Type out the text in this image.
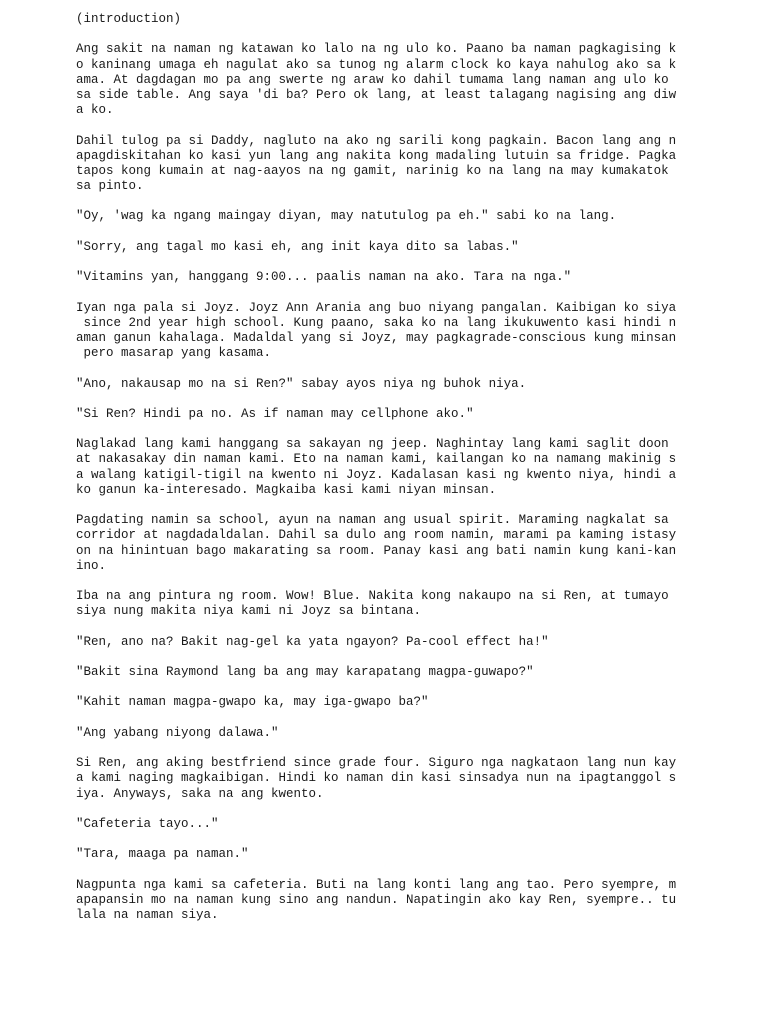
(introduction)
Ang sakit na naman ng katawan ko lalo na ng ulo ko. Paano ba naman pagkagising k
o kaninang umaga eh nagulat ako sa tunog ng alarm clock ko kaya nahulog ako sa k
ama. At dagdagan mo pa ang swerte ng araw ko dahil tumama lang naman ang ulo ko
sa side table. Ang saya 'di ba? Pero ok lang, at least talagang nagising ang diw
a ko.
Dahil tulog pa si Daddy, nagluto na ako ng sarili kong pagkain. Bacon lang ang n
apagdiskitahan ko kasi yun lang ang nakita kong madaling lutuin sa fridge. Pagka
tapos kong kumain at nag-aayos na ng gamit, narinig ko na lang na may kumakatok
sa pinto.
"Oy, 'wag ka ngang maingay diyan, may natutulog pa eh." sabi ko na lang.
"Sorry, ang tagal mo kasi eh, ang init kaya dito sa labas."
"Vitamins yan, hanggang 9:00... paalis naman na ako. Tara na nga."
Iyan nga pala si Joyz. Joyz Ann Arania ang buo niyang pangalan. Kaibigan ko siya
since 2nd year high school. Kung paano, saka ko na lang ikukuwento kasi hindi n
aman ganun kahalaga. Madaldal yang si Joyz, may pagkagrade-conscious kung minsan
pero masarap yang kasama.
"Ano, nakausap mo na si Ren?" sabay ayos niya ng buhok niya.
"Si Ren? Hindi pa no. As if naman may cellphone ako."
Naglakad lang kami hanggang sa sakayan ng jeep. Naghintay lang kami saglit doon
at nakasakay din naman kami. Eto na naman kami, kailangan ko na namang makinig s
a walang katigil-tigil na kwento ni Joyz. Kadalasan kasi ng kwento niya, hindi a
ko ganun ka-interesado. Magkaiba kasi kami niyan minsan.
Pagdating namin sa school, ayun na naman ang usual spirit. Maraming nagkalat sa
corridor at nagdadaldalan. Dahil sa dulo ang room namin, marami pa kaming istasy
on na hinintuan bago makarating sa room. Panay kasi ang bati namin kung kani-kan
ino.
Iba na ang pintura ng room. Wow! Blue. Nakita kong nakaupo na si Ren, at tumayo
siya nung makita niya kami ni Joyz sa bintana.
"Ren, ano na? Bakit nag-gel ka yata ngayon? Pa-cool effect ha!"
"Bakit sina Raymond lang ba ang may karapatang magpa-guwapo?"
"Kahit naman magpa-gwapo ka, may iga-gwapo ba?"
"Ang yabang niyong dalawa."
Si Ren, ang aking bestfriend since grade four. Siguro nga nagkataon lang nun kay
a kami naging magkaibigan. Hindi ko naman din kasi sinsadya nun na ipagtanggol s
iya. Anyways, saka na ang kwento.
"Cafeteria tayo..."
"Tara, maaga pa naman."
Nagpunta nga kami sa cafeteria. Buti na lang konti lang ang tao. Pero syempre, m
apapansin mo na naman kung sino ang nandun. Napatingin ako kay Ren, syempre.. tu
lala na naman siya.
